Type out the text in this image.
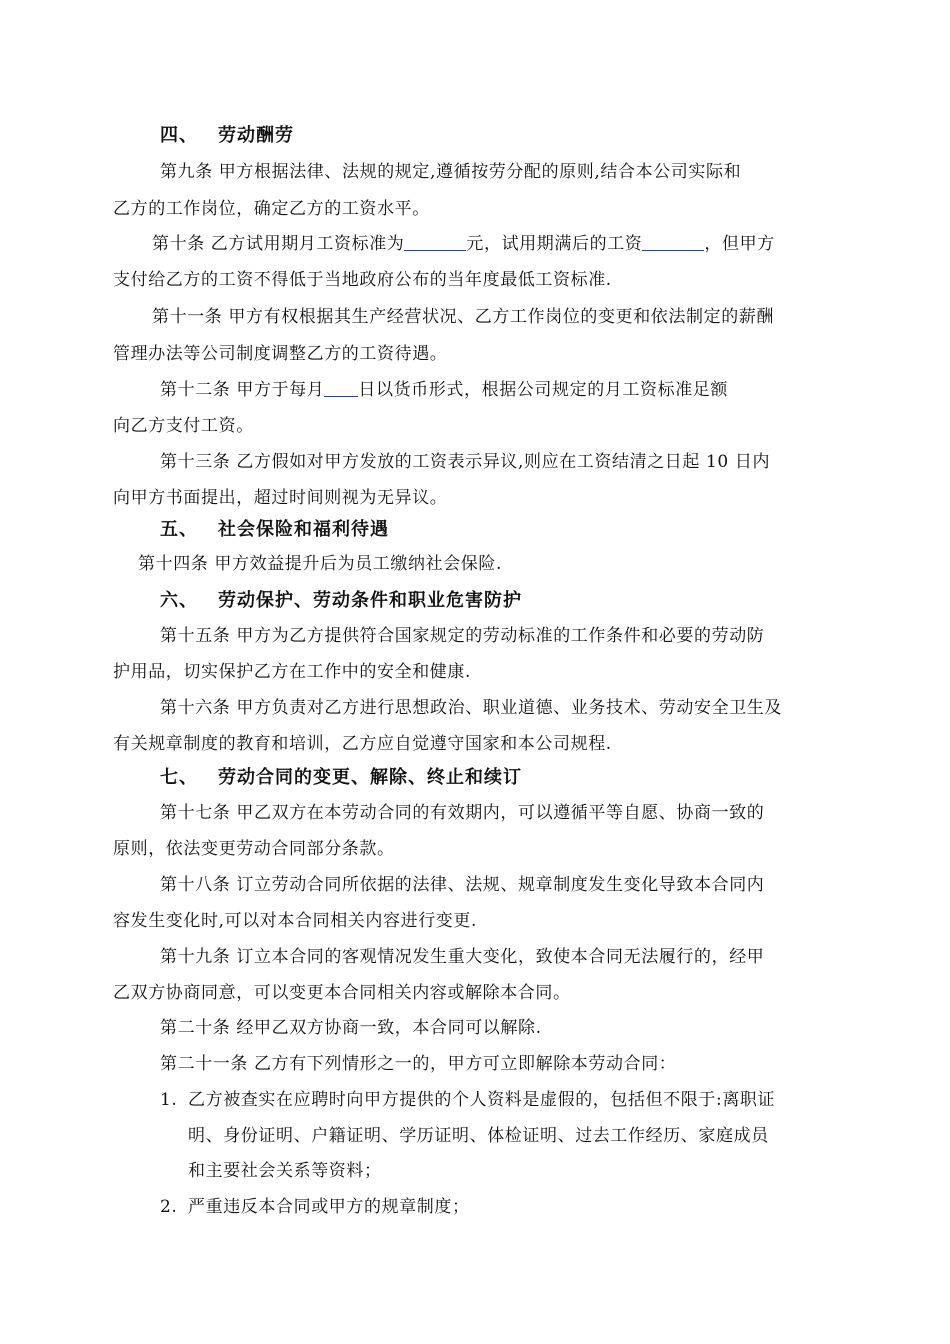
四、 劳动酬劳
第九条 甲方根据法律、法规的规定,遵循按劳分配的原则,结合本公司实际和
乙方的工作岗位，确定乙方的工资水平。
第十条 乙方试用期月工资标准为	元，试用期满后的工资	，但甲方
支付给乙方的工资不得低于当地政府公布的当年度最低工资标准.
第十一条 甲方有权根据其生产经营状况、乙方工作岗位的变更和依法制定的薪酬
管理办法等公司制度调整乙方的工资待遇。
第十二条 甲方于每月 日以货币形式，根据公司规定的月工资标准足额
向乙方支付工资。
第十三条 乙方假如对甲方发放的工资表示异议,则应在工资结清之日起 10 日内
向甲方书面提出，超过时间则视为无异议。
五、 社会保险和福利待遇
第十四条 甲方效益提升后为员工缴纳社会保险.
六、 劳动保护、劳动条件和职业危害防护
第十五条 甲方为乙方提供符合国家规定的劳动标准的工作条件和必要的劳动防
护用品，切实保护乙方在工作中的安全和健康.
第十六条 甲方负责对乙方进行思想政治、职业道德、业务技术、劳动安全卫生及
有关规章制度的教育和培训，乙方应自觉遵守国家和本公司规程.
七、 劳动合同的变更、解除、终止和续订
第十七条 甲乙双方在本劳动合同的有效期内，可以遵循平等自愿、协商一致的
原则，依法变更劳动合同部分条款。
第十八条 订立劳动合同所依据的法律、法规、规章制度发生变化导致本合同内
容发生变化时,可以对本合同相关内容进行变更.
第十九条 订立本合同的客观情况发生重大变化，致使本合同无法履行的，经甲
乙双方协商同意，可以变更本合同相关内容或解除本合同。
第二十条 经甲乙双方协商一致，本合同可以解除.
第二十一条 乙方有下列情形之一的，甲方可立即解除本劳动合同：
1. 乙方被查实在应聘时向甲方提供的个人资料是虚假的，包括但不限于:离职证
明、身份证明、户籍证明、学历证明、体检证明、过去工作经历、家庭成员
和主要社会关系等资料；
2. 严重违反本合同或甲方的规章制度；
